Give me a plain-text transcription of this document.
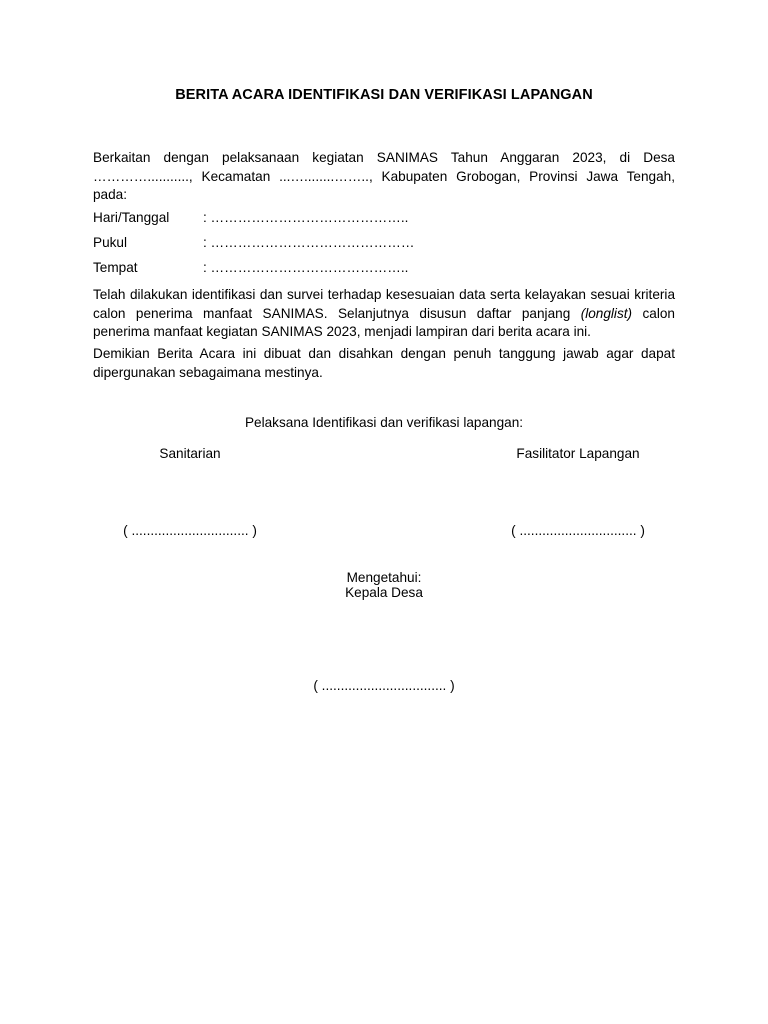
BERITA ACARA IDENTIFIKASI DAN VERIFIKASI LAPANGAN

Berkaitan dengan pelaksanaan kegiatan SANIMAS Tahun Anggaran 2023, di Desa …………..........., Kecamatan ...…........…….., Kabupaten Grobogan, Provinsi Jawa Tengah, pada:

Hari/Tanggal : ……………………………………..
Pukul	: ………………………………………
Tempat	: ……………………………………..

Telah dilakukan identifikasi dan survei terhadap kesesuaian data serta kelayakan sesuai kriteria calon penerima manfaat SANIMAS. Selanjutnya disusun daftar panjang (longlist) calon penerima manfaat kegiatan SANIMAS 2023, menjadi lampiran dari berita acara ini.

Demikian Berita Acara ini dibuat dan disahkan dengan penuh tanggung jawab agar dapat dipergunakan sebagaimana mestinya.

Pelaksana Identifikasi dan verifikasi lapangan:
Sanitarian	Fasilitator Lapangan
( ............................... )	( ............................... )
Mengetahui:
Kepala Desa
( ................................. )
